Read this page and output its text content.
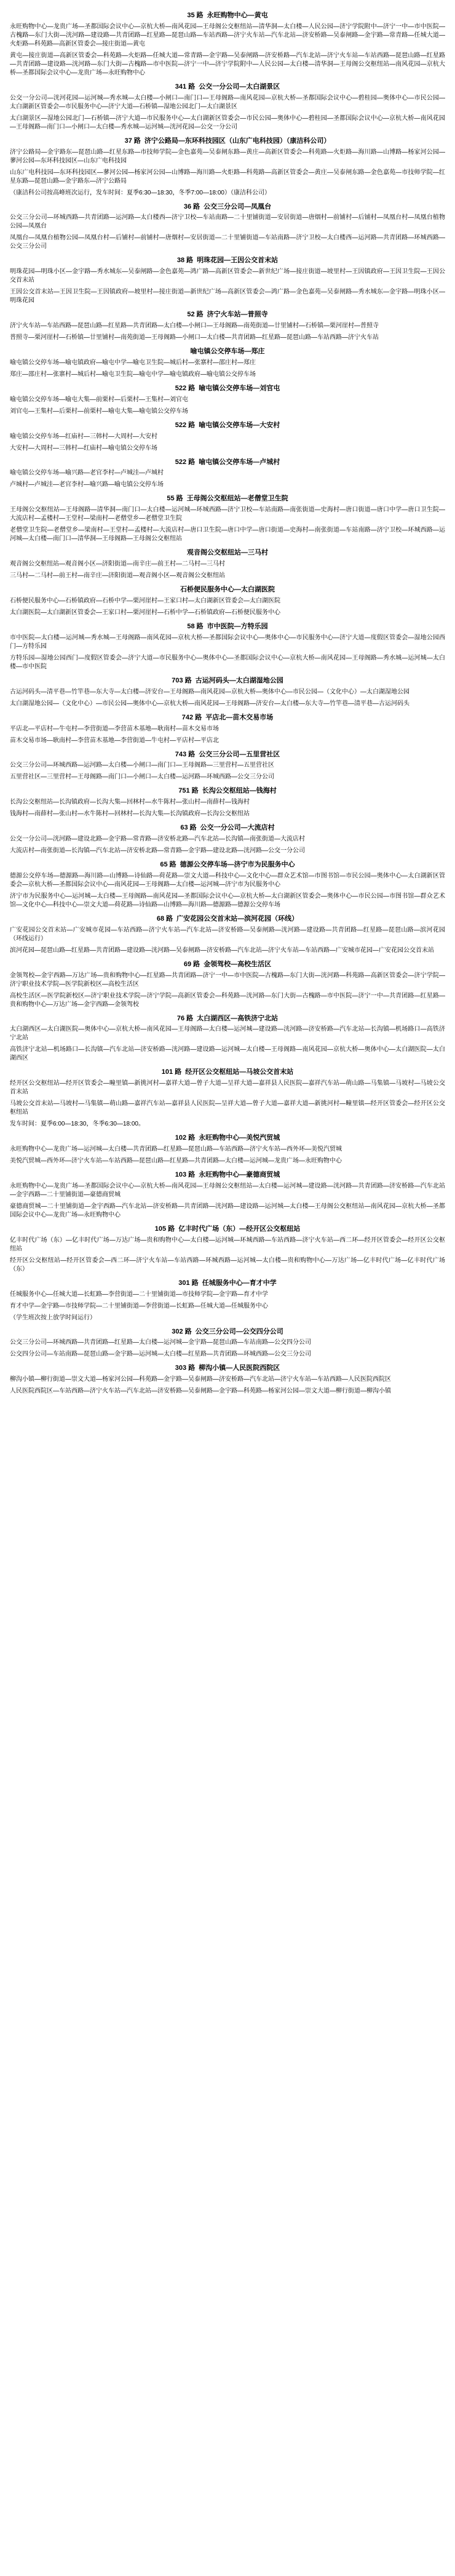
35 路 永旺购物中心—黄屯

永旺购物中心—龙贵广场—圣都国际会议中心—京杭大桥—南风花园—王母阁公交枢纽站—清华洞—太白楼—人民公园—济宁学院附中—济宁一中—市中医院—古槐路—东门大街—洸河路—建设路—共青团路—红星路—琵琶山路—车站西路—济宁火车站—汽车北站—济安桥路—吴泰闸路—金宇路—常青路—任城大道—火炬路—科苑路—高新区管委会—接庄街道—黄屯

黄屯—接庄街道—高新区管委会—科苑路—火炬路—任城大道—常青路—金宇路—吴泰闸路—济安桥路—汽车北站—济宁火车站—车站西路—琵琶山路—红星路—共青团路—建设路—洸河路—东门大街—古槐路—市中医院—济宁一中—济宁学院附中—人民公园—太白楼—清华洞—王母阁公交枢纽站—南风花园—京杭大桥—圣都国际会议中心—龙贵广场—永旺购物中心

341 路 公交一分公司—太白湖景区

公交一分公司—洸河花园—运河城—秀水城—太白楼—小闸口—南门口—王母阁路—南风花园—京杭大桥—圣都国际会议中心—碧桂园—奥体中心—市民公园—太白湖新区管委会—市民服务中心—济宁大道—石桥镇—湿地公园北门—太白湖景区

太白湖景区—湿地公园北门—石桥镇—济宁大道—市民服务中心—太白湖新区管委会—市民公园—奥体中心—碧桂园—圣都国际会议中心—京杭大桥—南风花园—王母阁路—南门口—小闸口—太白楼—秀水城—运河城—洸河花园—公交一分公司

37 路 济宁公路局—东环科技园区（山东广电科技园）（康洁科公司）

济宁公路局—金宇路东—琵琶山路—红星东路—市技师学院—金色嘉苑—吴泰闸东路—黄庄—高新区管委会—科苑路—火炬路—海川路—山博路—杨家河公园—蓼河公园—东环科技园区—山东广电科技园

山东广电科技园—东环科技园区—蓼河公园—杨家河公园—山博路—海川路—火炬路—科苑路—高新区管委会—黄庄—吴泰闸东路—金色嘉苑—市技师学院—红星东路—琵琶山路—金宇路东—济宁公路局

（康洁科公司按高峰班次运行，发车时间：夏季6:30—18:30，冬季7:00—18:00）（康洁科公司）

36 路 公交三分公司—凤凰台

公交三分公司—环城西路—共青团路—运河路—太白楼西—济宁卫校—车站南路—二十里铺街道—安居街道—唐烟村—前铺村—后铺村—凤凰台村—凤凰台植物公园—凤凰台

凤凰台—凤凰台植物公园—凤凰台村—后铺村—前铺村—唐烟村—安居街道—二十里铺街道—车站南路—济宁卫校—太白楼西—运河路—共青团路—环城西路—公交三分公司

38 路 明珠花园—王因公交首末站

明珠花园—明珠小区—金宇路—秀水城东—吴泰闸路—金色嘉苑—鸿广路—高新区管委会—新世纪广场—接庄街道—坡里村—王因镇政府—王因卫生院—王因公交首末站

王因公交首末站—王因卫生院—王因镇政府—坡里村—接庄街道—新世纪广场—高新区管委会—鸿广路—金色嘉苑—吴泰闸路—秀水城东—金宇路—明珠小区—明珠花园

52 路 济宁火车站—普照寺

济宁火车站—车站西路—琵琶山路—红星路—共青团路—太白楼—小闸口—王母阁路—南苑街道—廿里铺村—石桥镇—栗河崖村—普照寺

普照寺—栗河崖村—石桥镇—廿里铺村—南苑街道—王母阁路—小闸口—太白楼—共青团路—红星路—琵琶山路—车站西路—济宁火车站

喻屯镇公交停车场—郑庄

喻屯镇公交停车场—喻屯镇政府—喻屯中学—喻屯卫生院—城后村—张寨村—邵庄村—郑庄

郑庄—邵庄村—张寨村—城后村—喻屯卫生院—喻屯中学—喻屯镇政府—喻屯镇公交停车场

522 路 喻屯镇公交停车场—刘官屯

喻屯镇公交停车场—喻屯大集—前栗村—后栗村—王集村—刘官屯

刘官屯—王集村—后栗村—前栗村—喻屯大集—喻屯镇公交停车场

522 路 喻屯镇公交停车场—大安村

喻屯镇公交停车场—红庙村—三韩村—大周村—大安村

大安村—大周村—三韩村—红庙村—喻屯镇公交停车场

522 路 喻屯镇公交停车场—卢城村

喻屯镇公交停车场—喻兴路—老官李村—卢城洼—卢城村

卢城村—卢城洼—老官李村—喻兴路—喻屯镇公交停车场

55 路 王母阁公交枢纽站—老僧堂卫生院

王母阁公交枢纽站—王母阁路—清华洞—南门口—太白楼—运河城—环城西路—济宁卫校—车站南路—南张街道—史海村—唐口街道—唐口中学—唐口卫生院—大流店村—孟楼村—王堂村—梁南村—老僧堂乡—老僧堂卫生院

老僧堂卫生院—老僧堂乡—梁南村—王堂村—孟楼村—大流店村—唐口卫生院—唐口中学—唐口街道—史海村—南张街道—车站南路—济宁卫校—环城西路—运河城—太白楼—南门口—清华洞—王母阁路—王母阁公交枢纽站

观音阁公交枢纽站—三马村

观音阁公交枢纽站—观音阁小区—济阳街道—南辛庄—前王村—二马村—三马村

三马村—二马村—前王村—南辛庄—济阳街道—观音阁小区—观音阁公交枢纽站

石桥便民服务中心—太白湖医院

石桥便民服务中心—石桥镇政府—石桥中学—栗河崖村—王家口村—太白湖新区管委会—太白湖医院

太白湖医院—太白湖新区管委会—王家口村—栗河崖村—石桥中学—石桥镇政府—石桥便民服务中心

58 路 市中医院—方特乐园

市中医院—太白楼—运河城—秀水城—王母阁路—南风花园—京杭大桥—圣都国际会议中心—奥体中心—市民服务中心—济宁大道—度假区管委会—湿地公园西门—方特乐园

方特乐园—湿地公园西门—度假区管委会—济宁大道—市民服务中心—奥体中心—圣都国际会议中心—京杭大桥—南风花园—王母阁路—秀水城—运河城—太白楼—市中医院

703 路 古运河码头—太白湖湿地公园

古运河码头—清平巷—竹竿巷—东大寺—太白楼—济安台—王母阁路—南风花园—京杭大桥—奥体中心—市民公园—（文化中心）—太白湖湿地公园

太白湖湿地公园—（文化中心）—市民公园—奥体中心—京杭大桥—南风花园—王母阁路—济安台—太白楼—东大寺—竹竿巷—清平巷—古运河码头

742 路 平店北—苗木交易市场

平店北—平店村—牛屯村—李营街道—李营苗木基地—耿南村—苗木交易市场

苗木交易市场—耿南村—李营苗木基地—李营街道—牛屯村—平店村—平店北

743 路 公交三分公司—五里营社区

公交三分公司—环城西路—运河路—太白楼—小闸口—南门口—王母阁路—三里营村—五里营社区

五里营社区—三里营村—王母阁路—南门口—小闸口—太白楼—运河路—环城西路—公交三分公司

751 路 长沟公交枢纽站—钱海村

长沟公交枢纽站—长沟镇政府—长沟大集—回林村—水牛陈村—张山村—南薛村—钱海村

钱海村—南薛村—张山村—水牛陈村—回林村—长沟大集—长沟镇政府—长沟公交枢纽站

63 路 公交一分公司—大流店村

公交一分公司—洸河路—建设北路—金宇路—常青路—济安桥北路—汽车北站—长沟镇—南张街道—大流店村

大流店村—南张街道—长沟镇—汽车北站—济安桥北路—常青路—金宇路—建设北路—洸河路—公交一分公司

65 路 德源公交停车场—济宁市为民服务中心

德源公交停车场—德源路—海川路—山博路—诗仙路—荷花路—崇文大道—科技中心—文化中心—群众艺术馆—市图书馆—市民公园—奥体中心—太白湖新区管委会—京杭大桥—圣都国际会议中心—南风花园—王母阁路—太白楼—运河城—济宁市为民服务中心

济宁市为民服务中心—运河城—太白楼—王母阁路—南风花园—圣都国际会议中心—京杭大桥—太白湖新区管委会—奥体中心—市民公园—市图书馆—群众艺术馆—文化中心—科技中心—崇文大道—荷花路—诗仙路—山博路—海川路—德源路—德源公交停车场

68 路 广安花园公交首末站—滨河花园（环线）

广安花园公交首末站—广安城市花园—车站西路—济宁火车站—汽车北站—济安桥路—吴泰闸路—洸河路—建设路—共青团路—红星路—琵琶山路—滨河花园（环线运行）

滨河花园—琵琶山路—红星路—共青团路—建设路—洸河路—吴泰闸路—济安桥路—汽车北站—济宁火车站—车站西路—广安城市花园—广安花园公交首末站

69 路 金领驾校—高校生活区

金领驾校—金宇西路—万达广场—贵和购物中心—红星路—共青团路—济宁一中—市中医院—古槐路—东门大街—洸河路—科苑路—高新区管委会—济宁学院—济宁职业技术学院—医学院新校区—高校生活区

高校生活区—医学院新校区—济宁职业技术学院—济宁学院—高新区管委会—科苑路—洸河路—东门大街—古槐路—市中医院—济宁一中—共青团路—红星路—贵和购物中心—万达广场—金宇西路—金领驾校

76 路 太白湖西区—高铁济宁北站

太白湖西区—太白湖医院—奥体中心—京杭大桥—南风花园—王母阁路—太白楼—运河城—建设路—洸河路—济安桥路—汽车北站—长沟镇—机场路口—高铁济宁北站

高铁济宁北站—机场路口—长沟镇—汽车北站—济安桥路—洸河路—建设路—运河城—太白楼—王母阁路—南风花园—京杭大桥—奥体中心—太白湖医院—太白湖西区

101 路 经开区公交枢纽站—马坡公交首末站

经开区公交枢纽站—经开区管委会—疃里镇—新挑河村—嘉祥大道—曾子大道—呈祥大道—嘉祥县人民医院—嘉祥汽车站—萌山路—马集镇—马坡村—马坡公交首末站

马坡公交首末站—马坡村—马集镇—萌山路—嘉祥汽车站—嘉祥县人民医院—呈祥大道—曾子大道—嘉祥大道—新挑河村—疃里镇—经开区管委会—经开区公交枢纽站

发车时间：夏季6:00—18:30，冬季6:30—18:00。

102 路 永旺购物中心—美悦汽贸城

永旺购物中心—龙贵广场—运河城—太白楼—共青团路—红星路—琵琶山路—车站西路—济宁火车站—西外环—美悦汽贸城

美悦汽贸城—西外环—济宁火车站—车站西路—琵琶山路—红星路—共青团路—太白楼—运河城—龙贵广场—永旺购物中心

103 路 永旺购物中心—豪德商贸城

永旺购物中心—龙贵广场—圣都国际会议中心—京杭大桥—南风花园—王母阁公交枢纽站—太白楼—运河城—建设路—洸河路—共青团路—济安桥路—汽车北站—金宇西路—二十里铺街道—豪德商贸城

豪德商贸城—二十里铺街道—金宇西路—汽车北站—济安桥路—共青团路—洸河路—建设路—运河城—太白楼—王母阁公交枢纽站—南风花园—京杭大桥—圣都国际会议中心—龙贵广场—永旺购物中心

105 路 亿丰时代广场（东）—经开区公交枢纽站

亿丰时代广场（东）—亿丰时代广场—万达广场—贵和购物中心—太白楼—运河城—环城西路—车站西路—济宁火车站—西二环—经开区管委会—经开区公交枢纽站

经开区公交枢纽站—经开区管委会—西二环—济宁火车站—车站西路—环城西路—运河城—太白楼—贵和购物中心—万达广场—亿丰时代广场—亿丰时代广场（东）

301 路 任城服务中心—育才中学

任城服务中心—任城大道—长虹路—李营街道—二十里铺街道—市技师学院—金宇路—育才中学

育才中学—金宇路—市技师学院—二十里铺街道—李营街道—长虹路—任城大道—任城服务中心

（学生班次按上放学时间运行）

302 路 公交三分公司—公交四分公司

公交三分公司—环城西路—共青团路—红星路—太白楼—运河城—金宇路—琵琶山路—车站南路—公交四分公司

公交四分公司—车站南路—琵琶山路—金宇路—运河城—太白楼—红星路—共青团路—环城西路—公交三分公司

303 路 柳沟小镇—人民医院西院区

柳沟小镇—柳行街道—崇文大道—杨家河公园—科苑路—金宇路—吴泰闸路—济安桥路—汽车北站—济宁火车站—车站西路—人民医院西院区

人民医院西院区—车站西路—济宁火车站—汽车北站—济安桥路—吴泰闸路—金宇路—科苑路—杨家河公园—崇文大道—柳行街道—柳沟小镇
